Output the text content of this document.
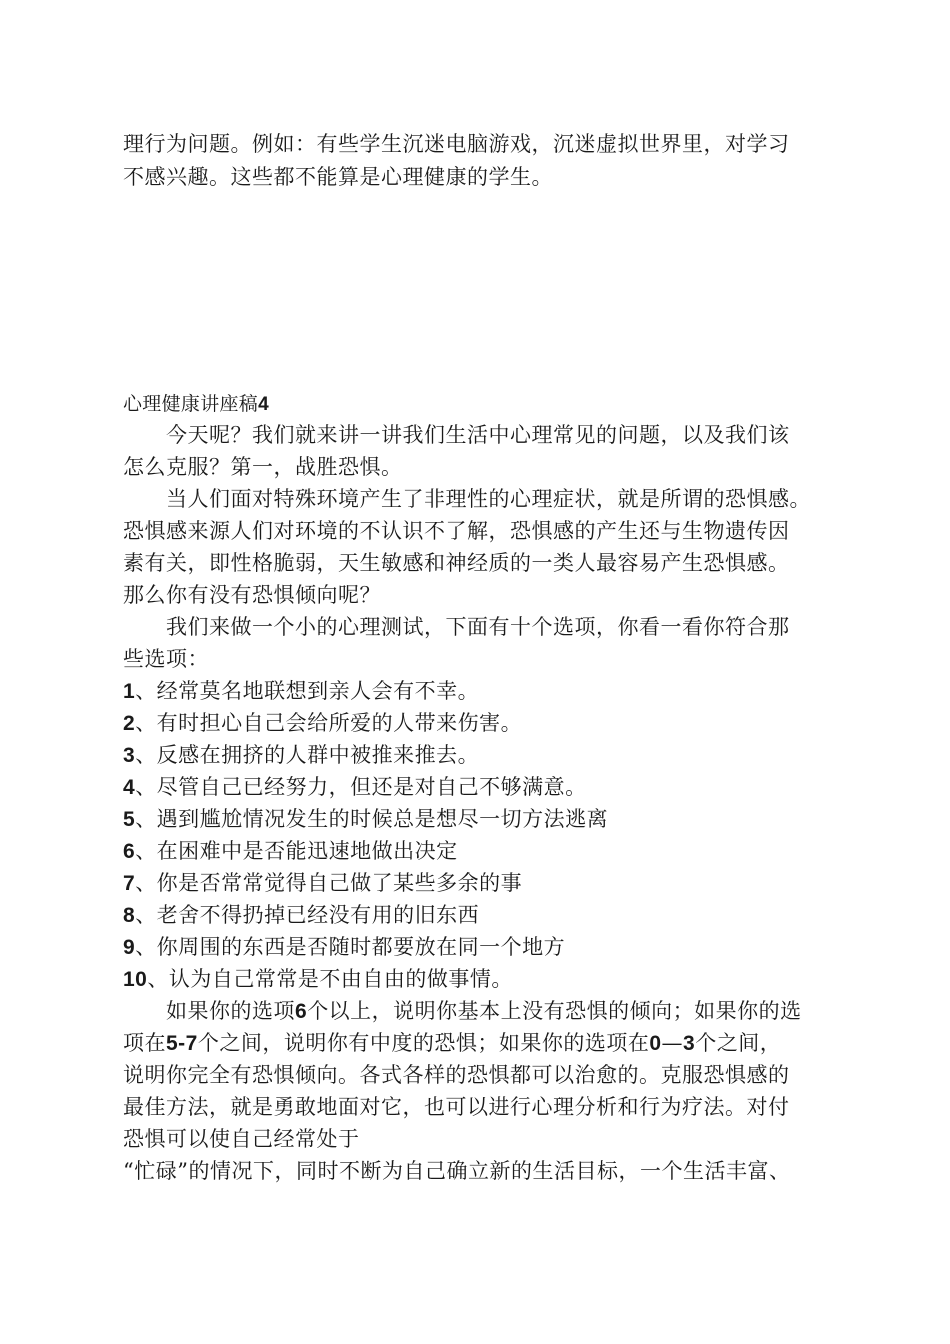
理行为问题。例如：有些学生沉迷电脑游戏，沉迷虚拟世界里，对学习
不感兴趣。这些都不能算是心理健康的学生。
心理健康讲座稿4
今天呢？我们就来讲一讲我们生活中心理常见的问题，以及我们该
怎么克服？第一，战胜恐惧。
当人们面对特殊环境产生了非理性的心理症状，就是所谓的恐惧感。
恐惧感来源人们对环境的不认识不了解，恐惧感的产生还与生物遗传因
素有关，即性格脆弱，天生敏感和神经质的一类人最容易产生恐惧感。
那么你有没有恐惧倾向呢？
我们来做一个小的心理测试，下面有十个选项，你看一看你符合那
些选项：
1、经常莫名地联想到亲人会有不幸。
2、有时担心自己会给所爱的人带来伤害。
3、反感在拥挤的人群中被推来推去。
4、尽管自己已经努力，但还是对自己不够满意。
5、遇到尴尬情况发生的时候总是想尽一切方法逃离
6、在困难中是否能迅速地做出决定
7、你是否常常觉得自己做了某些多余的事
8、老舍不得扔掉已经没有用的旧东西
9、你周围的东西是否随时都要放在同一个地方
10、认为自己常常是不由自由的做事情。
如果你的选项6个以上，说明你基本上没有恐惧的倾向；如果你的选
项在5-7个之间，说明你有中度的恐惧；如果你的选项在0—3个之间，
说明你完全有恐惧倾向。各式各样的恐惧都可以治愈的。克服恐惧感的
最佳方法，就是勇敢地面对它，也可以进行心理分析和行为疗法。对付
恐惧可以使自己经常处于
“忙碌”的情况下，同时不断为自己确立新的生活目标，一个生活丰富、
